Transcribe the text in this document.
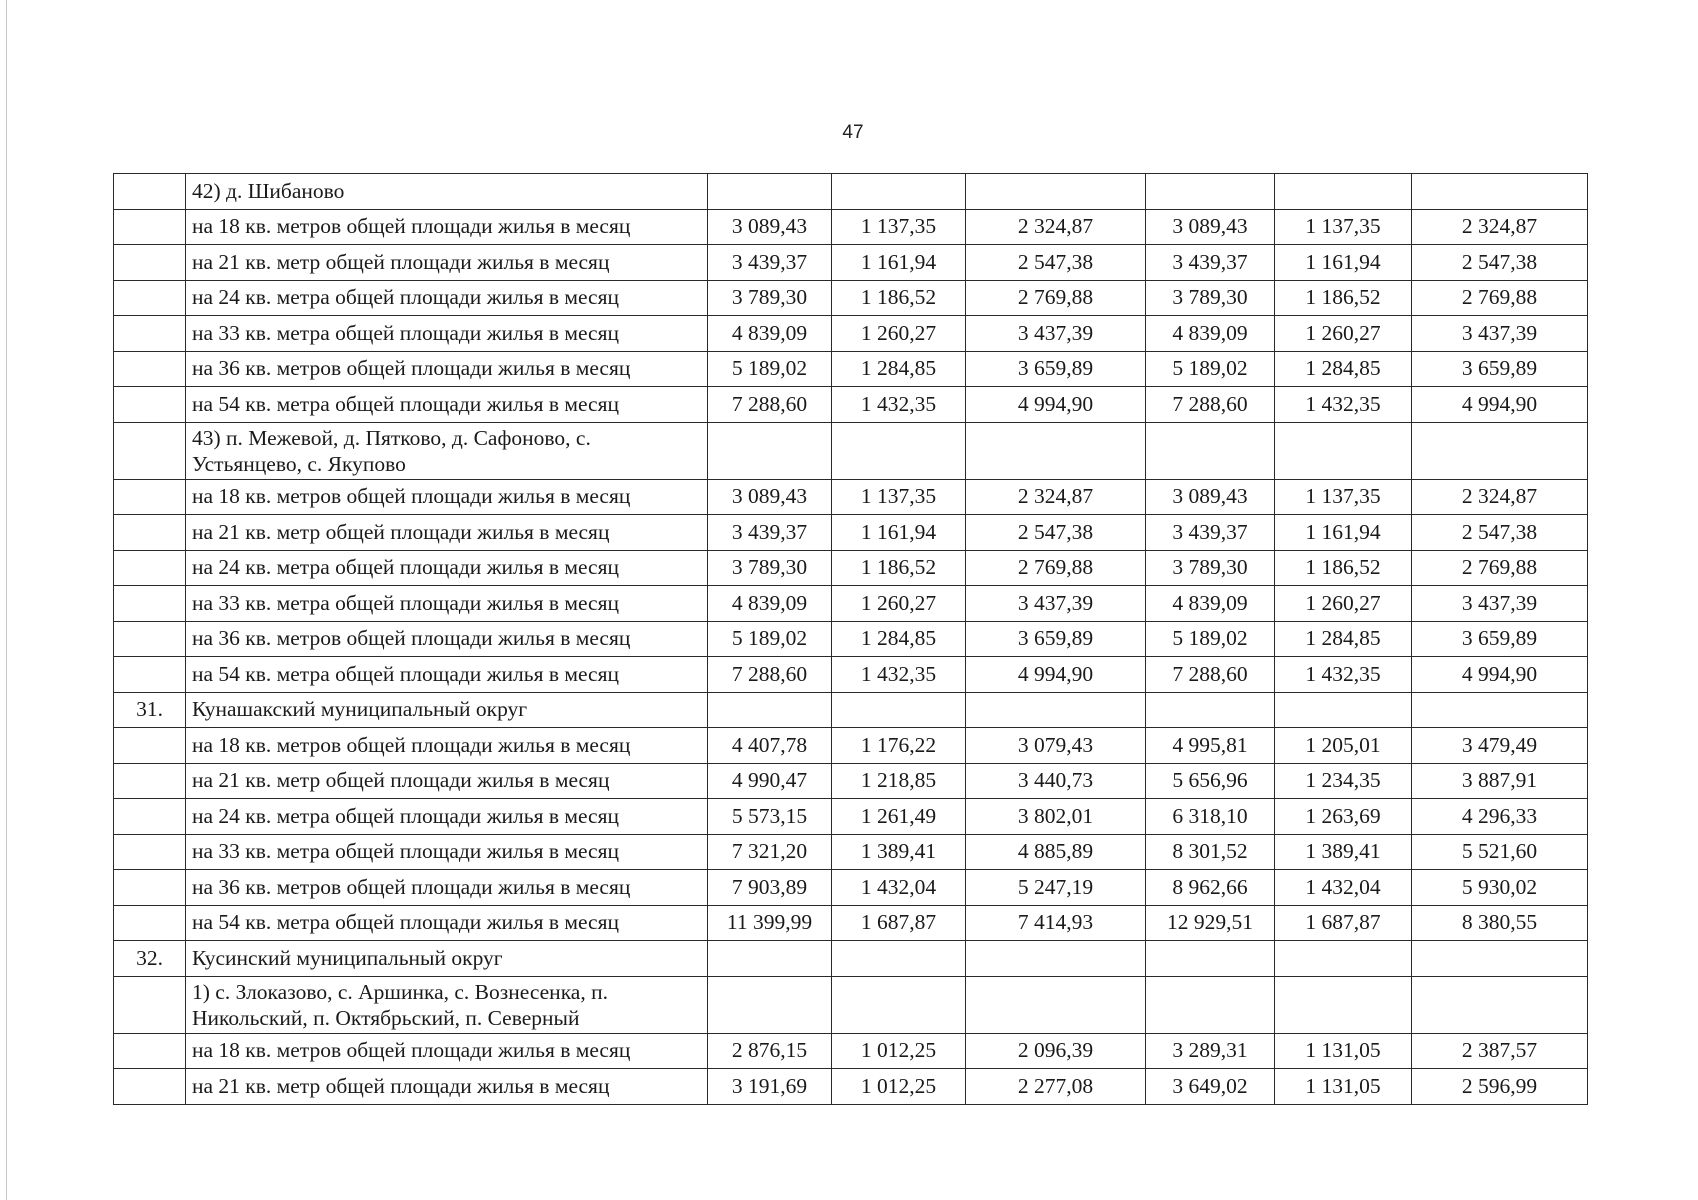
47
	42) д. Шибаново						
	на 18 кв. метров общей площади жилья в месяц	3 089,43	1 137,35	2 324,87	3 089,43	1 137,35	2 324,87
	на 21 кв. метр общей площади жилья в месяц	3 439,37	1 161,94	2 547,38	3 439,37	1 161,94	2 547,38
	на 24 кв. метра общей площади жилья в месяц	3 789,30	1 186,52	2 769,88	3 789,30	1 186,52	2 769,88
	на 33 кв. метра общей площади жилья в месяц	4 839,09	1 260,27	3 437,39	4 839,09	1 260,27	3 437,39
	на 36 кв. метров общей площади жилья в месяц	5 189,02	1 284,85	3 659,89	5 189,02	1 284,85	3 659,89
	на 54 кв. метра общей площади жилья в месяц	7 288,60	1 432,35	4 994,90	7 288,60	1 432,35	4 994,90
	43) п. Межевой, д. Пятково, д. Сафоново, с. Устьянцево, с. Якупово						
	на 18 кв. метров общей площади жилья в месяц	3 089,43	1 137,35	2 324,87	3 089,43	1 137,35	2 324,87
	на 21 кв. метр общей площади жилья в месяц	3 439,37	1 161,94	2 547,38	3 439,37	1 161,94	2 547,38
	на 24 кв. метра общей площади жилья в месяц	3 789,30	1 186,52	2 769,88	3 789,30	1 186,52	2 769,88
	на 33 кв. метра общей площади жилья в месяц	4 839,09	1 260,27	3 437,39	4 839,09	1 260,27	3 437,39
	на 36 кв. метров общей площади жилья в месяц	5 189,02	1 284,85	3 659,89	5 189,02	1 284,85	3 659,89
	на 54 кв. метра общей площади жилья в месяц	7 288,60	1 432,35	4 994,90	7 288,60	1 432,35	4 994,90
31.	Кунашакский муниципальный округ						
	на 18 кв. метров общей площади жилья в месяц	4 407,78	1 176,22	3 079,43	4 995,81	1 205,01	3 479,49
	на 21 кв. метр общей площади жилья в месяц	4 990,47	1 218,85	3 440,73	5 656,96	1 234,35	3 887,91
	на 24 кв. метра общей площади жилья в месяц	5 573,15	1 261,49	3 802,01	6 318,10	1 263,69	4 296,33
	на 33 кв. метра общей площади жилья в месяц	7 321,20	1 389,41	4 885,89	8 301,52	1 389,41	5 521,60
	на 36 кв. метров общей площади жилья в месяц	7 903,89	1 432,04	5 247,19	8 962,66	1 432,04	5 930,02
	на 54 кв. метра общей площади жилья в месяц	11 399,99	1 687,87	7 414,93	12 929,51	1 687,87	8 380,55
32.	Кусинский муниципальный округ						
	1) с. Злоказово, с. Аршинка, с. Вознесенка, п. Никольский, п. Октябрьский, п. Северный						
	на 18 кв. метров общей площади жилья в месяц	2 876,15	1 012,25	2 096,39	3 289,31	1 131,05	2 387,57
	на 21 кв. метр общей площади жилья в месяц	3 191,69	1 012,25	2 277,08	3 649,02	1 131,05	2 596,99
